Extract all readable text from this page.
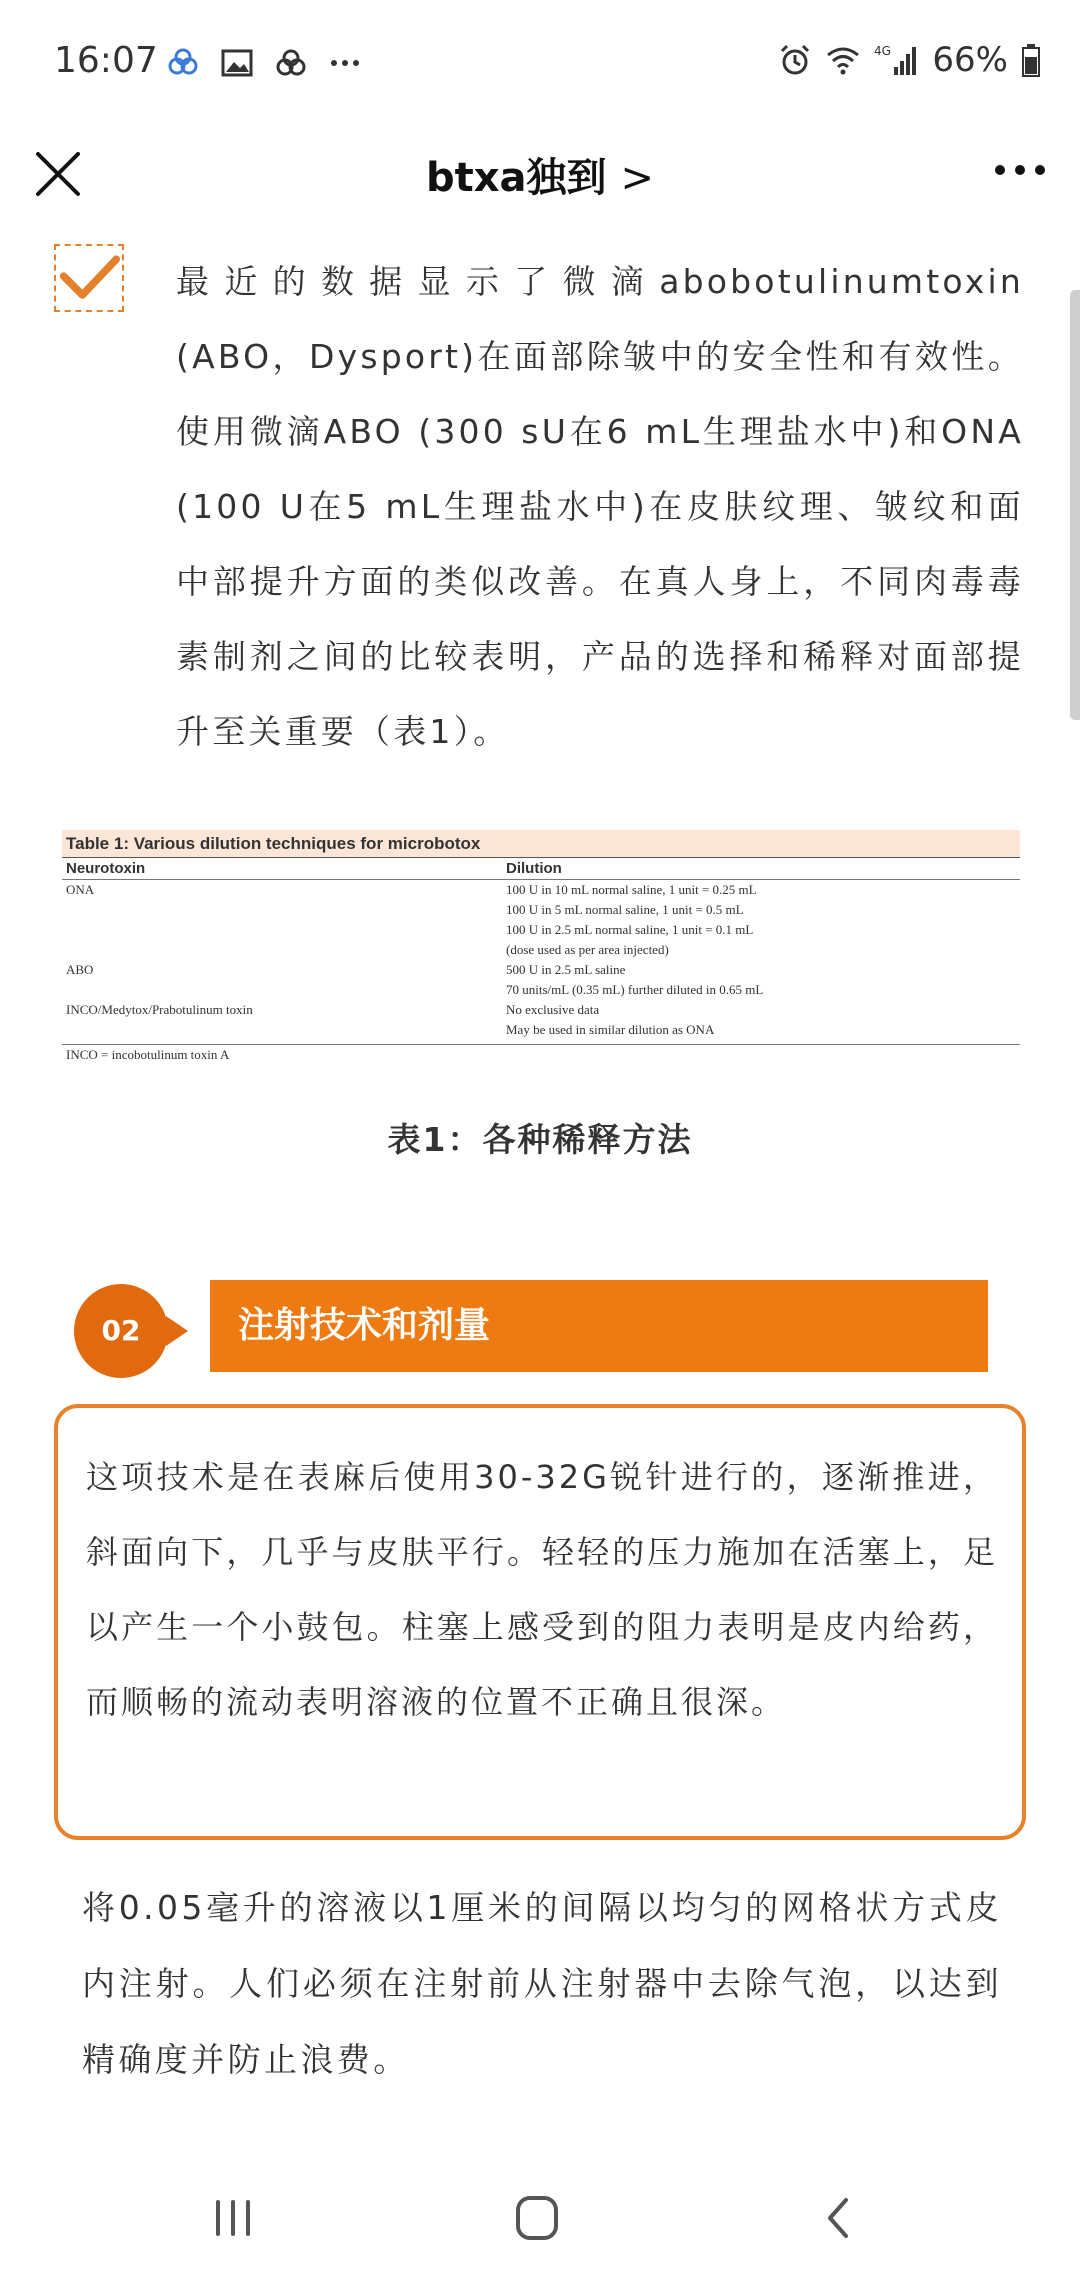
16:07	4G 66%
btxa独到 >

最近的数据显示了微滴abobotulinumtoxin (ABO，Dysport)在面部除皱中的安全性和有效性。使用微滴ABO (300 sU在6 mL生理盐水中)和ONA (100 U在5 mL生理盐水中)在皮肤纹理、皱纹和面中部提升方面的类似改善。在真人身上，不同肉毒毒素制剂之间的比较表明，产品的选择和稀释对面部提升至关重要（表1）。

Table 1: Various dilution techniques for microbotox
Neurotoxin	Dilution
ONA	100 U in 10 mL normal saline, 1 unit = 0.25 mL
100 U in 5 mL normal saline, 1 unit = 0.5 mL
100 U in 2.5 mL normal saline, 1 unit = 0.1 mL
(dose used as per area injected)
ABO	500 U in 2.5 mL saline
70 units/mL (0.35 mL) further diluted in 0.65 mL
INCO/Medytox/Prabotulinum toxin	No exclusive data
May be used in similar dilution as ONA
INCO = incobotulinum toxin A
表1：各种稀释方法
02	注射技术和剂量

这项技术是在表麻后使用30-32G锐针进行的，逐渐推进，斜面向下，几乎与皮肤平行。轻轻的压力施加在活塞上，足以产生一个小鼓包。柱塞上感受到的阻力表明是皮内给药，而顺畅的流动表明溶液的位置不正确且很深。

将0.05毫升的溶液以1厘米的间隔以均匀的网格状方式皮内注射。人们必须在注射前从注射器中去除气泡，以达到精确度并防止浪费。
